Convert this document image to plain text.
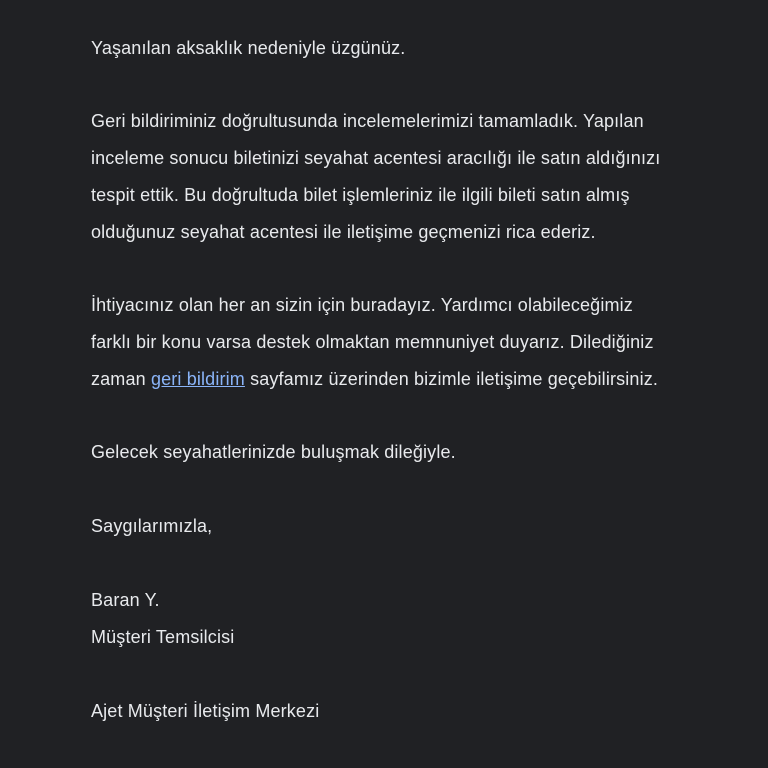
Yaşanılan aksaklık nedeniyle üzgünüz.
Geri bildiriminiz doğrultusunda incelemelerimizi tamamladık. Yapılan
inceleme sonucu biletinizi seyahat acentesi aracılığı ile satın aldığınızı
tespit ettik. Bu doğrultuda bilet işlemleriniz ile ilgili bileti satın almış
olduğunuz seyahat acentesi ile iletişime geçmenizi rica ederiz.
İhtiyacınız olan her an sizin için buradayız. Yardımcı olabileceğimiz
farklı bir konu varsa destek olmaktan memnuniyet duyarız. Dilediğiniz
zaman geri bildirim sayfamız üzerinden bizimle iletişime geçebilirsiniz.
Gelecek seyahatlerinizde buluşmak dileğiyle.
Saygılarımızla,
Baran Y.
Müşteri Temsilcisi
Ajet Müşteri İletişim Merkezi
